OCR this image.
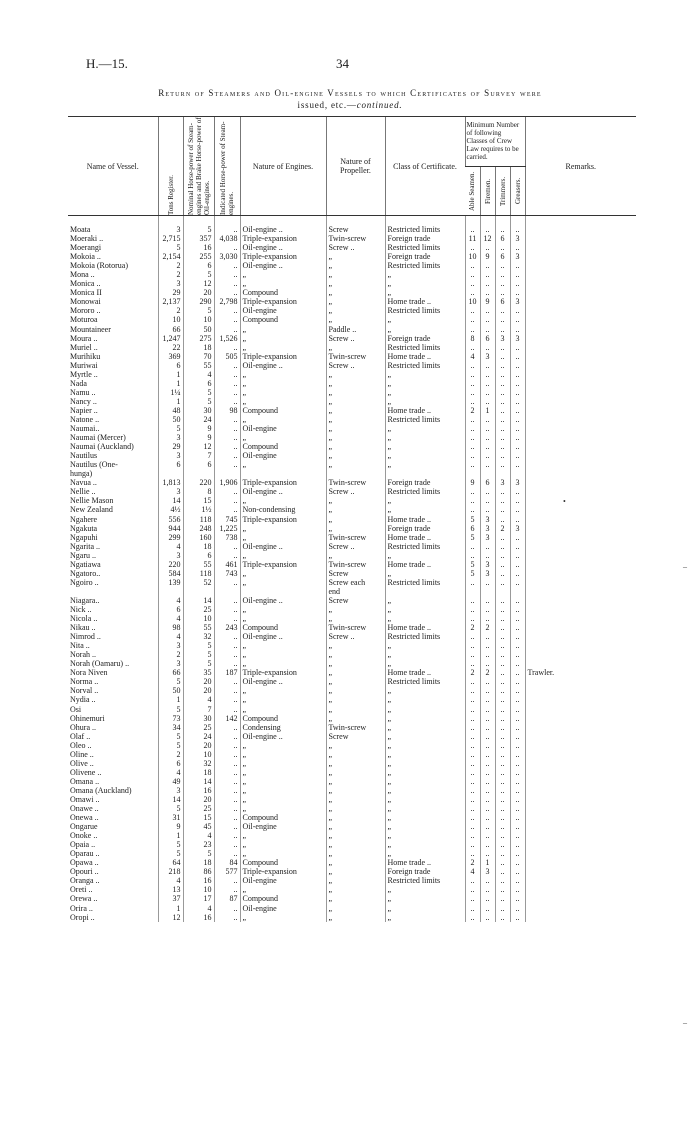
H.—15.	34
Return of Steamers and Oil-engine Vessels to which Certificates of Survey were
issued, etc.—continued.
Name of Vessel.	Tons Register.	Nominal Horse-power of Steam-engines and Brake Horse-power of Oil-engines.	Indicated Horse-power of Steam-engines.	Nature of Engines.	Nature of Propeller.	Class of Certificate.	Minimum Number of following Classes of Crew Law requires to be carried.				Remarks.

							Able Seamen.	Firemen.	Trimmers.	Greasers.	

Moata	3	5	..	Oil-engine ..	Screw	Restricted limits	..	..	..	..	
Moeraki ..	2,715	357	4,038	Triple-expansion	Twin-screw	Foreign trade	11	12	6	3	
Moerangi	5	16	..	Oil-engine ..	Screw ..	Restricted limits	..	..	..	..	
Mokoia ..	2,154	255	3,030	Triple-expansion	„	Foreign trade	10	9	6	3	
Mokoia (Rotorua)	2	6	..	Oil-engine ..	„	Restricted limits	..	..	..	..	
Mona ..	2	5	..	„	„	„	..	..	..	..	
Monica ..	3	12	..	„	„	„	..	..	..	..	
Monica II	29	20	..	Compound	„	„	..	..	..	..	
Monowai	2,137	290	2,798	Triple-expansion	„	Home trade ..	10	9	6	3	
Mororo ..	2	5	..	Oil-engine	„	Restricted limits	..	..	..	..	
Moturoa	10	10	..	Compound	„	„	..	..	..	..	
Mountaineer	66	50	..	„	Paddle ..	„	..	..	..	..	
Moura ..	1,247	275	1,526	„	Screw ..	Foreign trade	8	6	3	3	
Muriel ..	22	18	..	„	„	Restricted limits	..	..	..	..	
Murihiku	369	70	505	Triple-expansion	Twin-screw	Home trade ..	4	3	..	..	
Muriwai	6	55	..	Oil-engine ..	Screw ..	Restricted limits	..	..	..	..	
Myrtle ..	1	4	..	„	„	„	..	..	..	..	
Nada	1	6	..	„	„	„	..	..	..	..	
Namu ..	1¼	5	..	„	„	„	..	..	..	..	
Nancy ..	1	5	..	„	„	„	..	..	..	..	
Napier ..	48	30	98	Compound	„	Home trade ..	2	1	..	..	
Natone ..	50	24	..	„	„	Restricted limits	..	..	..	..	
Naumai..	5	9	..	Oil-engine	„	„	..	..	..	..	
Naumai (Mercer)	3	9	..	„	„	„	..	..	..	..	
Naumai (Auckland)	29	12	..	Compound	„	„	..	..	..	..	
Nautilus	3	7	..	Oil-engine	„	„	..	..	..	..	
Nautilus (One-	6	6	..	„	„	„	..	..	..	..	
hunga)											
Navua ..	1,813	220	1,906	Triple-expansion	Twin-screw	Foreign trade	9	6	3	3	
Nellie ..	3	8	..	Oil-engine ..	Screw ..	Restricted limits	..	..	..	..	
Nellie Mason	14	15	..	„	„	„	..	..	..	..	
New Zealand	4½	1½	..	Non-condensing	„	„	..	..	..	..	
Ngahere	556	118	745	Triple-expansion	„	Home trade ..	5	3	..	..	
Ngakuta	944	248	1,225	„	„	Foreign trade	6	3	2	3	
Ngapuhi	299	160	738	„	Twin-screw	Home trade ..	5	3	..	..	
Ngarita ..	4	18	..	Oil-engine ..	Screw ..	Restricted limits	..	..	..	..	
Ngaru ..	3	6	..	„	„	„	..	..	..	..	
Ngatiawa	220	55	461	Triple-expansion	Twin-screw	Home trade ..	5	3	..	..	
Ngatoro..	584	118	743	„	Screw	„	5	3	..	..	
Ngoiro ..	139	52	..	„	Screw each	Restricted limits	..	..	..	..	
					end						
Niagara..	4	14	..	Oil-engine ..	Screw	„	..	..	..	..	
Nick ..	6	25	..	„	„	„	..	..	..	..	
Nicola ..	4	10	..	„	„	„	..	..	..	..	
Nikau ..	98	55	243	Compound	Twin-screw	Home trade ..	2	2	..	..	
Nimrod ..	4	32	..	Oil-engine ..	Screw ..	Restricted limits	..	..	..	..	
Nita ..	3	5	..	„	„	„	..	..	..	..	
Norah ..	2	5	..	„	„	„	..	..	..	..	
Norah (Oamaru) ..	3	5	..	„	„	„	..	..	..	..	
Nora Niven	66	35	187	Triple-expansion	„	Home trade ..	2	2	..	..	Trawler.
Norma ..	5	20	..	Oil-engine ..	„	Restricted limits	..	..	..	..	
Norval ..	50	20	..	„	„	„	..	..	..	..	
Nydia ..	1	4	..	„	„	„	..	..	..	..	
Osi	5	7	..	„	„	„	..	..	..	..	
Ohinemuri	73	30	142	Compound	„	„	..	..	..	..	
Ohura ..	34	25	..	Condensing	Twin-screw	„	..	..	..	..	
Olaf ..	5	24	..	Oil-engine ..	Screw	„	..	..	..	..	
Oleo ..	5	20	..	„	„	„	..	..	..	..	
Oline ..	2	10	..	„	„	„	..	..	..	..	
Olive ..	6	32	..	„	„	„	..	..	..	..	
Olivene ..	4	18	..	„	„	„	..	..	..	..	
Omana ..	49	14	..	„	„	„	..	..	..	..	
Omana (Auckland)	3	16	..	„	„	„	..	..	..	..	
Omawi ..	14	20	..	„	„	„	..	..	..	..	
Onawe ..	5	25	..	„	„	„	..	..	..	..	
Onewa ..	31	15	..	Compound	„	„	..	..	..	..	
Ongarue	9	45	..	Oil-engine	„	„	..	..	..	..	
Onoke ..	1	4	..	„	„	„	..	..	..	..	
Opaia ..	5	23	..	„	„	„	..	..	..	..	
Oparau ..	5	5	..	„	„	„	..	..	..	..	
Opawa ..	64	18	84	Compound	„	Home trade ..	2	1	..	..	
Opouri ..	218	86	577	Triple-expansion	„	Foreign trade	4	3	..	..	
Oranga ..	4	16	..	Oil-engine	„	Restricted limits	..	..	..	..	
Oreti ..	13	10	..	„	„	„	..	..	..	..	
Orewa ..	37	17	87	Compound	„	„	..	..	..	..	
Orira ..	1	4	..	Oil-engine	„	„	..	..	..	..	
Oropi ..	12	16	..	„	„	„	..	..	..	..	
•
–
–
